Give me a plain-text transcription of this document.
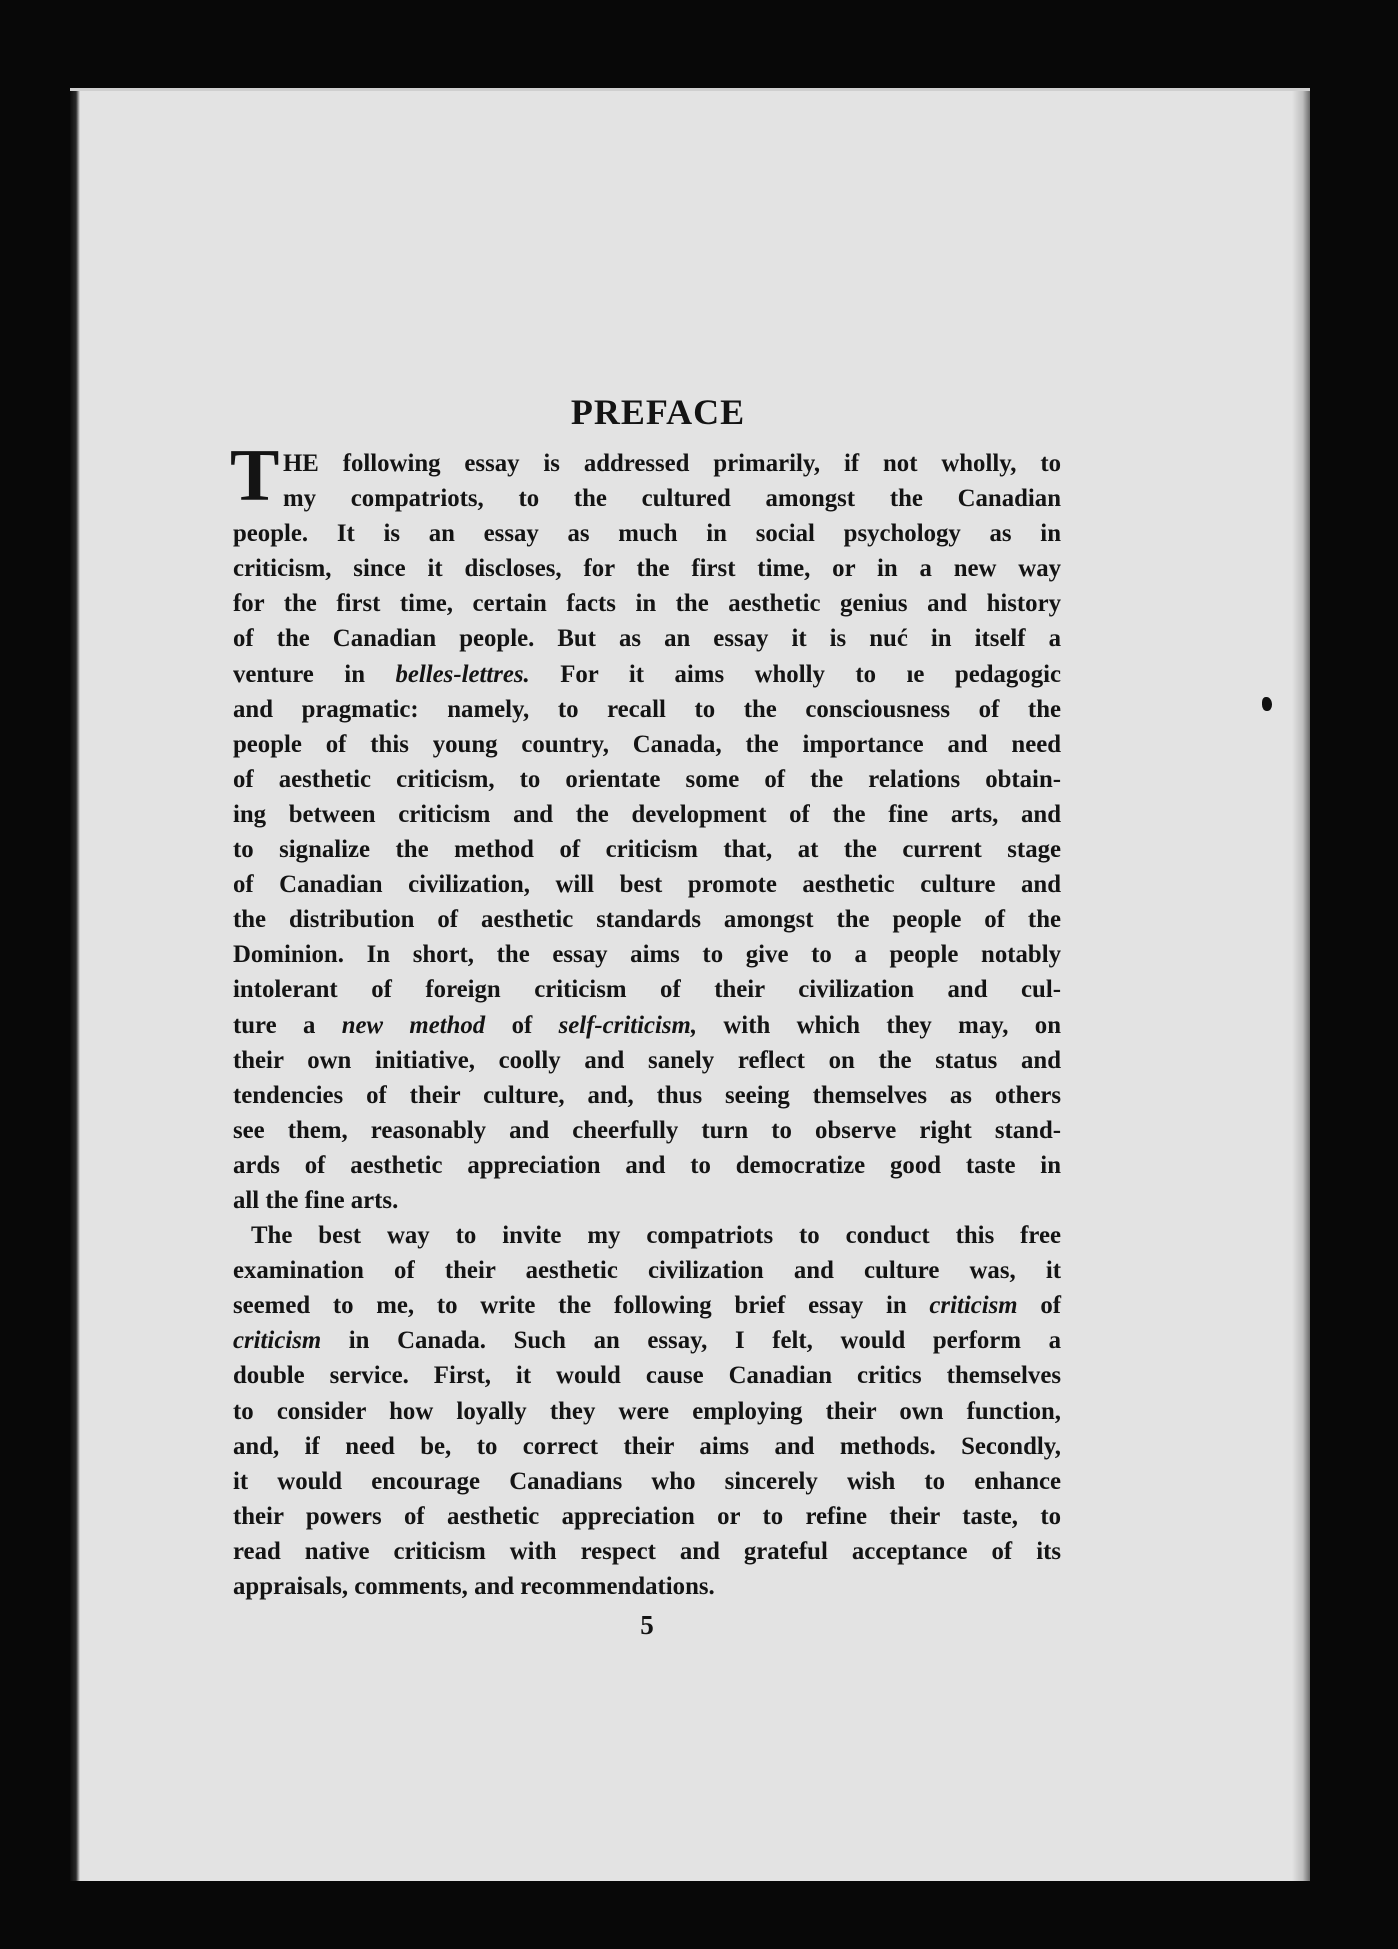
PREFACE
T HE following essay is addressed primarily, if not wholly, to
my compatriots, to the cultured amongst the Canadian
people. It is an essay as much in social psychology as in
criticism, since it discloses, for the first time, or in a new way
for the first time, certain facts in the aesthetic genius and history
of the Canadian people. But as an essay it is nuć in itself a
venture in belles-lettres. For it aims wholly to ıe pedagogic
and pragmatic: namely, to recall to the consciousness of the
people of this young country, Canada, the importance and need
of aesthetic criticism, to orientate some of the relations obtain-
ing between criticism and the development of the fine arts, and
to signalize the method of criticism that, at the current stage
of Canadian civilization, will best promote aesthetic culture and
the distribution of aesthetic standards amongst the people of the
Dominion. In short, the essay aims to give to a people notably
intolerant of foreign criticism of their civilization and cul-
ture a new method of self-criticism, with which they may, on
their own initiative, coolly and sanely reflect on the status and
tendencies of their culture, and, thus seeing themselves as others
see them, reasonably and cheerfully turn to observe right stand-
ards of aesthetic appreciation and to democratize good taste in
all the fine arts.
The best way to invite my compatriots to conduct this free
examination of their aesthetic civilization and culture was, it
seemed to me, to write the following brief essay in criticism of
criticism in Canada. Such an essay, I felt, would perform a
double service. First, it would cause Canadian critics themselves
to consider how loyally they were employing their own function,
and, if need be, to correct their aims and methods. Secondly,
it would encourage Canadians who sincerely wish to enhance
their powers of aesthetic appreciation or to refine their taste, to
read native criticism with respect and grateful acceptance of its
appraisals, comments, and recommendations.
5
